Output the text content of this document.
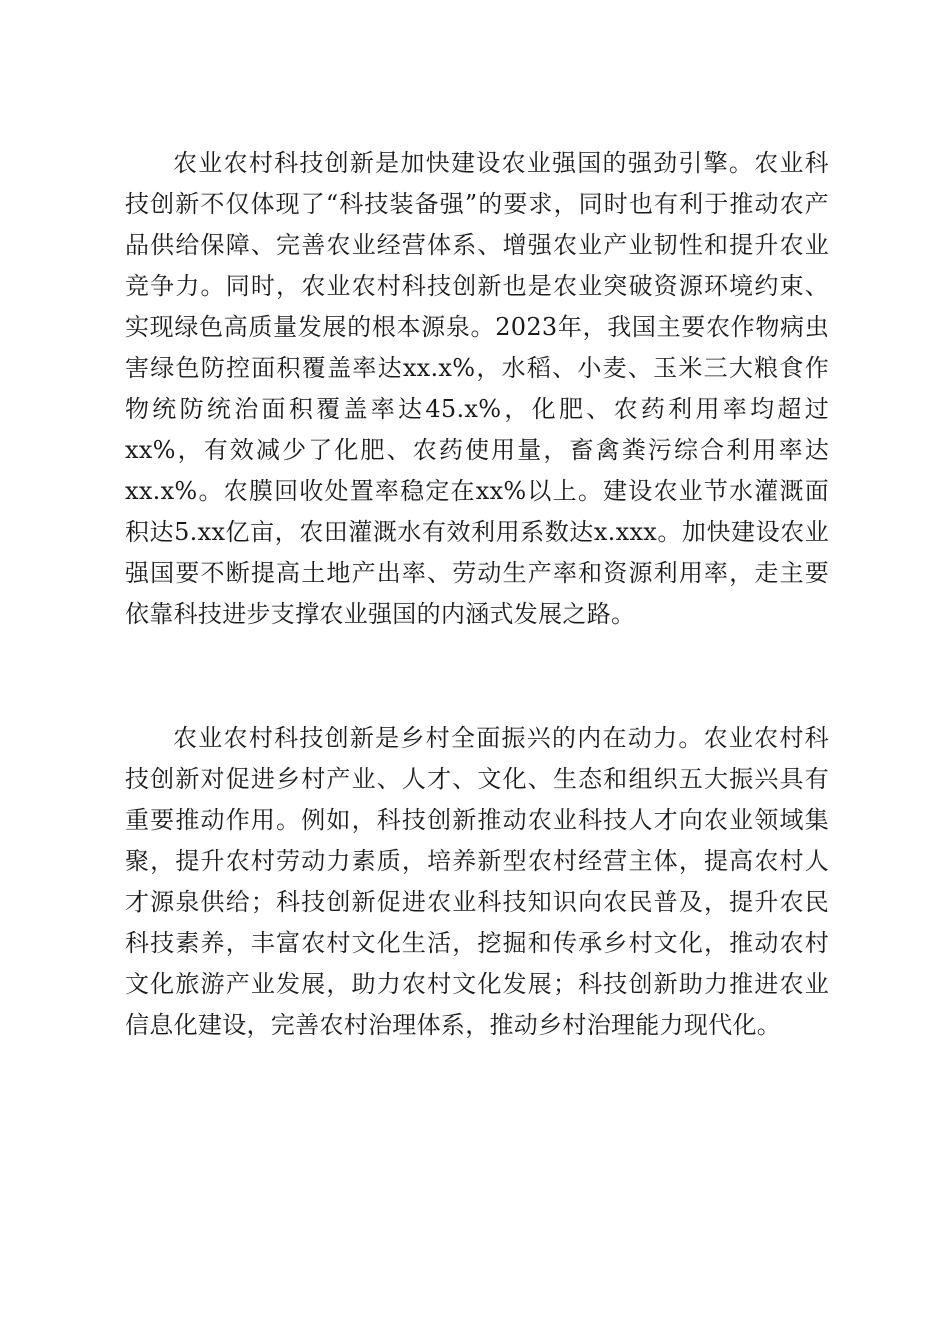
农业农村科技创新是加快建设农业强国的强劲引擎。农业科技创新不仅体现了“科技装备强”的要求，同时也有利于推动农产品供给保障、完善农业经营体系、增强农业产业韧性和提升农业竞争力。同时，农业农村科技创新也是农业突破资源环境约束、实现绿色高质量发展的根本源泉。2023年，我国主要农作物病虫害绿色防控面积覆盖率达xx.x%，水稻、小麦、玉米三大粮食作物统防统治面积覆盖率达45.x%，化肥、农药利用率均超过xx%，有效减少了化肥、农药使用量，畜禽粪污综合利用率达xx.x%。农膜回收处置率稳定在xx%以上。建设农业节水灌溉面积达5.xx亿亩，农田灌溉水有效利用系数达x.xxx。加快建设农业强国要不断提高土地产出率、劳动生产率和资源利用率，走主要依靠科技进步支撑农业强国的内涵式发展之路。

农业农村科技创新是乡村全面振兴的内在动力。农业农村科技创新对促进乡村产业、人才、文化、生态和组织五大振兴具有重要推动作用。例如，科技创新推动农业科技人才向农业领域集聚，提升农村劳动力素质，培养新型农村经营主体，提高农村人才源泉供给；科技创新促进农业科技知识向农民普及，提升农民科技素养，丰富农村文化生活，挖掘和传承乡村文化，推动农村文化旅游产业发展，助力农村文化发展；科技创新助力推进农业信息化建设，完善农村治理体系，推动乡村治理能力现代化。
